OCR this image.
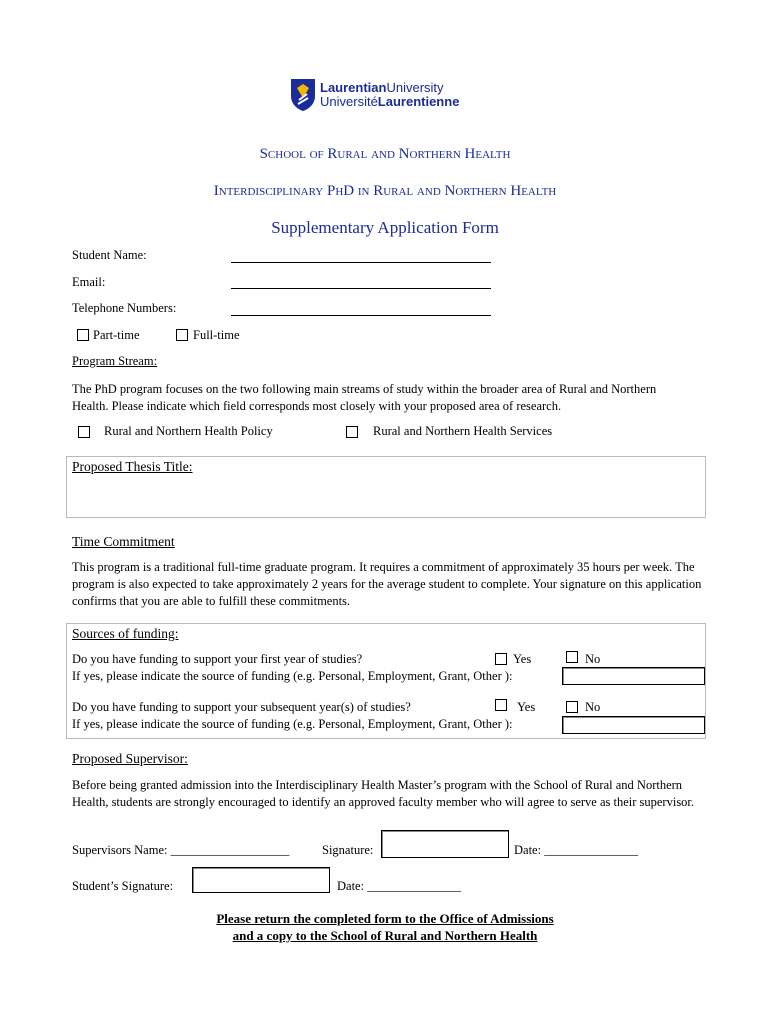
LaurentianUniversity
UniversitéLaurentienne
School of Rural and Northern Health
Interdisciplinary PhD in Rural and Northern Health
Supplementary Application Form
Student Name:
Email:
Telephone Numbers:
Part-time	Full-time
Program Stream:
The PhD program focuses on the two following main streams of study within the broader area of Rural and Northern Health. Please indicate which field corresponds most closely with your proposed area of research.
Rural and Northern Health Policy	Rural and Northern Health Services
Proposed Thesis Title:
Time Commitment
This program is a traditional full-time graduate program. It requires a commitment of approximately 35 hours per week. The program is also expected to take approximately 2 years for the average student to complete. Your signature on this application confirms that you are able to fulfill these commitments.
Sources of funding:
Do you have funding to support your first year of studies?	Yes	No
If yes, please indicate the source of funding (e.g. Personal, Employment, Grant, Other ):
Do you have funding to support your subsequent year(s) of studies?	Yes	No
If yes, please indicate the source of funding (e.g. Personal, Employment, Grant, Other ):
Proposed Supervisor:
Before being granted admission into the Interdisciplinary Health Master’s program with the School of Rural and Northern Health, students are strongly encouraged to identify an approved faculty member who will agree to serve as their supervisor.
Supervisors Name: ___________________	Signature:	Date: _______________
Student’s Signature:	Date: _______________
Please return the completed form to the Office of Admissions
and a copy to the School of Rural and Northern Health
